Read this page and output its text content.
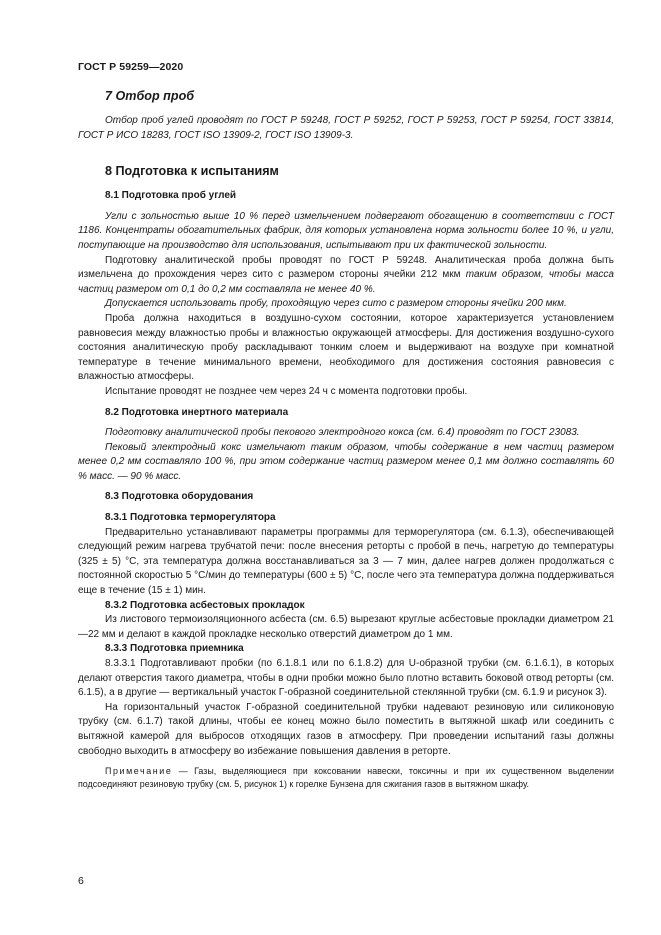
ГОСТ Р 59259—2020
7 Отбор проб

Отбор проб углей проводят по ГОСТ Р 59248, ГОСТ Р 59252, ГОСТ Р 59253, ГОСТ Р 59254, ГОСТ 33814, ГОСТ Р ИСО 18283, ГОСТ ISO 13909-2, ГОСТ ISO 13909-3.

8 Подготовка к испытаниям
8.1 Подготовка проб углей

Угли с зольностью выше 10 % перед измельчением подвергают обогащению в соответствии с ГОСТ 1186. Концентраты обогатительных фабрик, для которых установлена норма зольности более 10 %, и угли, поступающие на производство для использования, испытывают при их фактической зольности.

Подготовку аналитической пробы проводят по ГОСТ Р 59248. Аналитическая проба должна быть измельчена до прохождения через сито с размером стороны ячейки 212 мкм таким образом, чтобы масса частиц размером от 0,1 до 0,2 мм составляла не менее 40 %.

Допускается использовать пробу, проходящую через сито с размером стороны ячейки 200 мкм.

Проба должна находиться в воздушно-сухом состоянии, которое характеризуется установлением равновесия между влажностью пробы и влажностью окружающей атмосферы. Для достижения воздушно-сухого состояния аналитическую пробу раскладывают тонким слоем и выдерживают на воздухе при комнатной температуре в течение минимального времени, необходимого для достижения состояния равновесия с влажностью атмосферы.

Испытание проводят не позднее чем через 24 ч с момента подготовки пробы.

8.2 Подготовка инертного материала

Подготовку аналитической пробы пекового электродного кокса (см. 6.4) проводят по ГОСТ 23083.

Пековый электродный кокс измельчают таким образом, чтобы содержание в нем частиц размером менее 0,2 мм составляло 100 %, при этом содержание частиц размером менее 0,1 мм должно составлять 60 % масс. — 90 % масс.

8.3 Подготовка оборудования
8.3.1 Подготовка терморегулятора

Предварительно устанавливают параметры программы для терморегулятора (см. 6.1.3), обеспечивающей следующий режим нагрева трубчатой печи: после внесения реторты с пробой в печь, нагретую до температуры (325 ± 5) °С, эта температура должна восстанавливаться за 3 — 7 мин, далее нагрев должен продолжаться с постоянной скоростью 5 °С/мин до температуры (600 ± 5) °С, после чего эта температура должна поддерживаться еще в течение (15 ± 1) мин.

8.3.2 Подготовка асбестовых прокладок

Из листового термоизоляционного асбеста (см. 6.5) вырезают круглые асбестовые прокладки диаметром 21—22 мм и делают в каждой прокладке несколько отверстий диаметром до 1 мм.

8.3.3 Подготовка приемника

8.3.3.1 Подготавливают пробки (по 6.1.8.1 или по 6.1.8.2) для U-образной трубки (см. 6.1.6.1), в которых делают отверстия такого диаметра, чтобы в одни пробки можно было плотно вставить боковой отвод реторты (см. 6.1.5), а в другие — вертикальный участок Г-образной соединительной стеклянной трубки (см. 6.1.9 и рисунок 3).

На горизонтальный участок Г-образной соединительной трубки надевают резиновую или силиконовую трубку (см. 6.1.7) такой длины, чтобы ее конец можно было поместить в вытяжной шкаф или соединить с вытяжной камерой для выбросов отходящих газов в атмосферу. При проведении испытаний газы должны свободно выходить в атмосферу во избежание повышения давления в реторте.

Примечание — Газы, выделяющиеся при коксовании навески, токсичны и при их существенном выделении подсоединяют резиновую трубку (см. 5, рисунок 1) к горелке Бунзена для сжигания газов в вытяжном шкафу.

6
